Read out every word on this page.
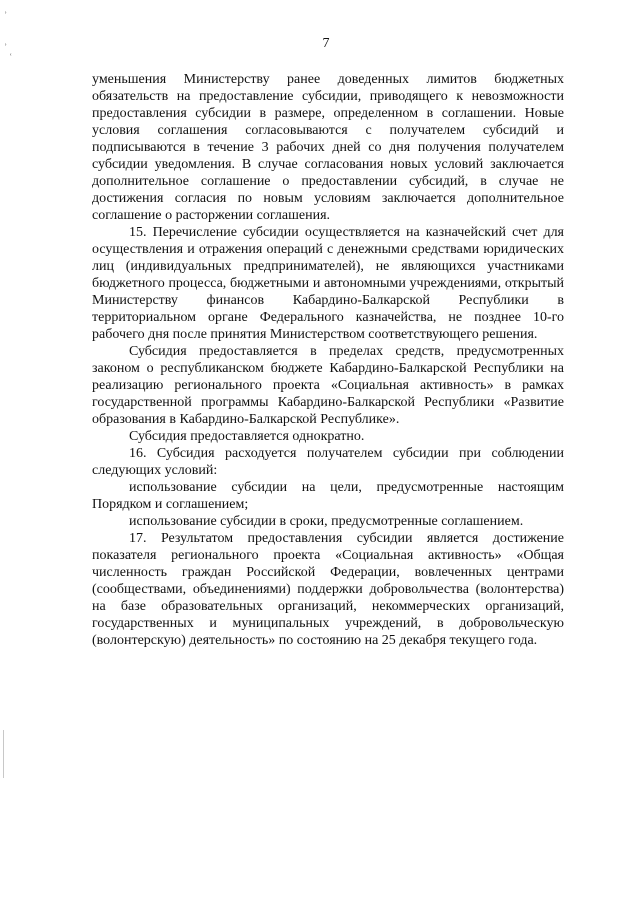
7
ʾ
ʾ
ʿ

уменьшения Министерству ранее доведенных лимитов бюджетных обязательств на предоставление субсидии, приводящего к невозможности предоставления субсидии в размере, определенном в соглашении. Новые условия соглашения согласовываются с получателем субсидий и подписываются в течение 3 рабочих дней со дня получения получателем субсидии уведомления. В случае согласования новых условий заключается дополнительное соглашение о предоставлении субсидий, в случае не достижения согласия по новым условиям заключается дополнительное соглашение о расторжении соглашения.

15. Перечисление субсидии осуществляется на казначейский счет для осуществления и отражения операций с денежными средствами юридических лиц (индивидуальных предпринимателей), не являющихся участниками бюджетного процесса, бюджетными и автономными учреждениями, открытый Министерству финансов Кабардино-Балкарской Республики в территориальном органе Федерального казначейства, не позднее 10-го рабочего дня после принятия Министерством соответствующего решения.

Субсидия предоставляется в пределах средств, предусмотренных законом о республиканском бюджете Кабардино-Балкарской Республики на реализацию регионального проекта «Социальная активность» в рамках государственной программы Кабардино-Балкарской Республики «Развитие образования в Кабардино-Балкарской Республике».

Субсидия предоставляется однократно.

16. Субсидия расходуется получателем субсидии при соблюдении следующих условий:

использование субсидии на цели, предусмотренные настоящим Порядком и соглашением;

использование субсидии в сроки, предусмотренные соглашением.

17. Результатом предоставления субсидии является достижение показателя регионального проекта «Социальная активность» «Общая численность граждан Российской Федерации, вовлеченных центрами (сообществами, объединениями) поддержки добровольчества (волонтерства) на базе образовательных организаций, некоммерческих организаций, государственных и муниципальных учреждений, в добровольческую (волонтерскую) деятельность» по состоянию на 25 декабря текущего года.
